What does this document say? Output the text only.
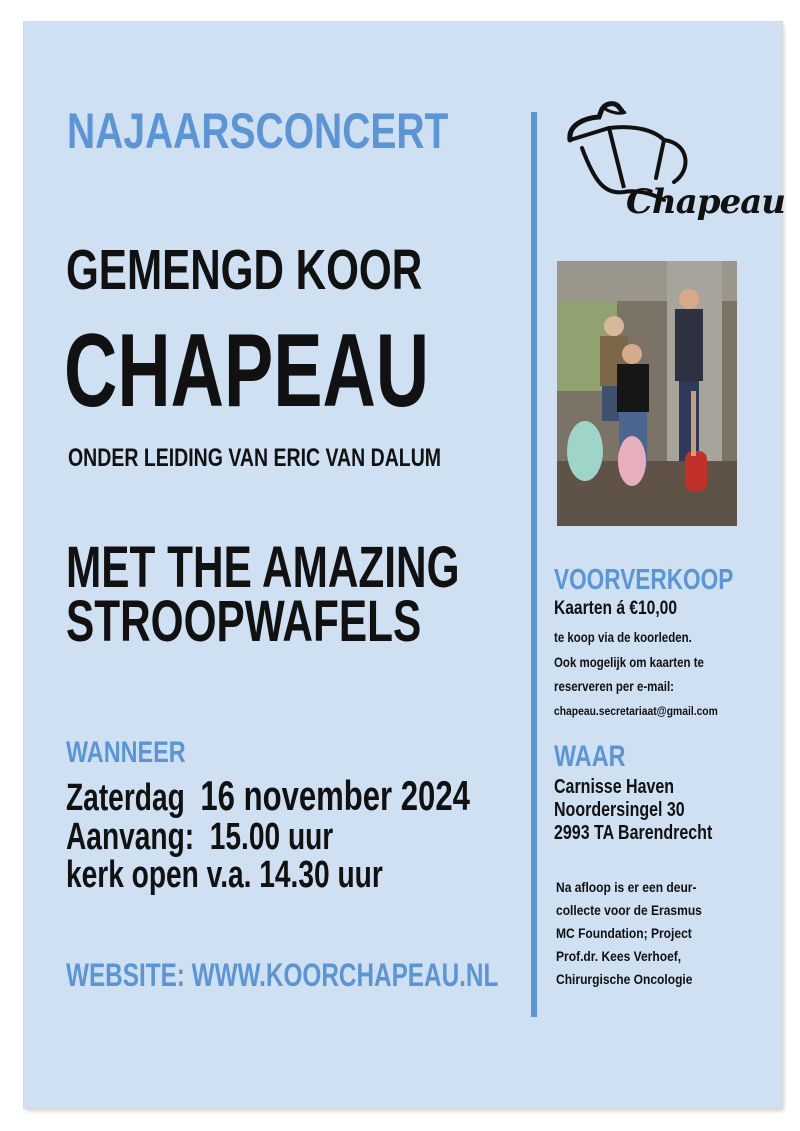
NAJAARSCONCERT
GEMENGD KOOR
CHAPEAU
ONDER LEIDING VAN ERIC VAN DALUM
MET THE AMAZING
STROOPWAFELS
WANNEER
Zaterdag 16 november 2024
Aanvang: 15.00 uur
kerk open v.a. 14.30 uur
WEBSITE: WWW.KOORCHAPEAU.NL
Chapeau
VOORVERKOOP
Kaarten á €10,00
te koop via de koorleden.
Ook mogelijk om kaarten te
reserveren per e-mail:
chapeau.secretariaat@gmail.com
WAAR
Carnisse Haven
Noordersingel 30
2993 TA Barendrecht
Na afloop is er een deur-
collecte voor de Erasmus
MC Foundation; Project
Prof.dr. Kees Verhoef,
Chirurgische Oncologie
